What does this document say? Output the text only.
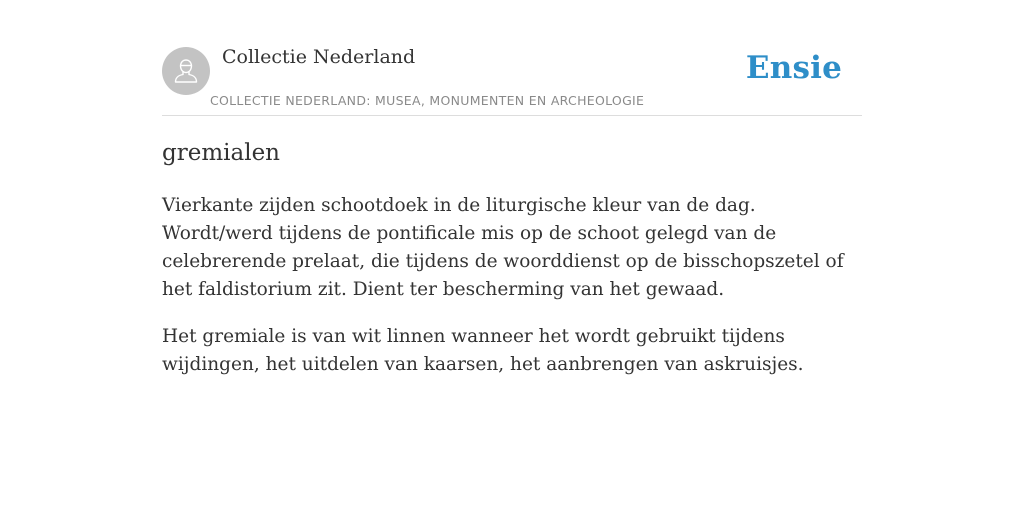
Collectie Nederland
COLLECTIE NEDERLAND: MUSEA, MONUMENTEN EN ARCHEOLOGIE
Ensie
gremialen

Vierkante zijden schootdoek in de liturgische kleur van de dag. Wordt/werd tijdens de pontificale mis op de schoot gelegd van de celebrerende prelaat, die tijdens de woorddienst op de bisschopszetel of het faldistorium zit. Dient ter bescherming van het gewaad.

Het gremiale is van wit linnen wanneer het wordt gebruikt tijdens wijdingen, het uitdelen van kaarsen, het aanbrengen van askruisjes.
